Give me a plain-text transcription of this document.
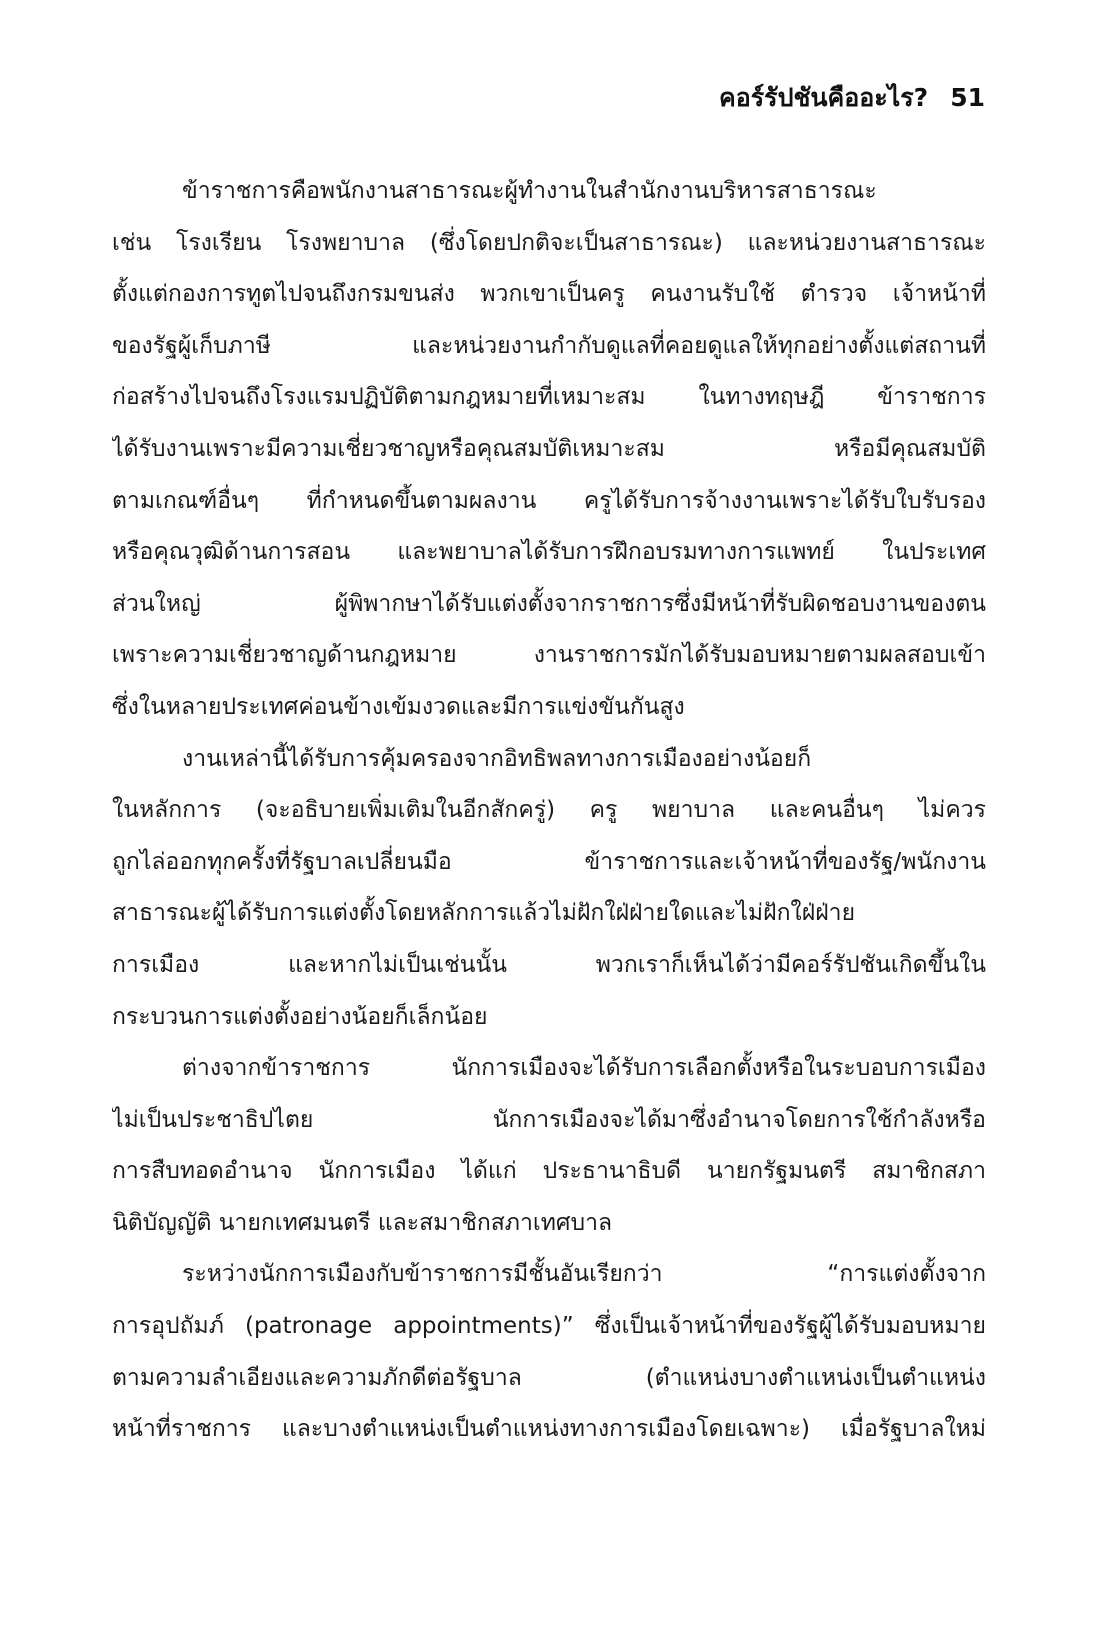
คอร์รัปชันคืออะไร? 51
ข้าราชการคือพนักงานสาธารณะผู้ทำงานในสำนักงานบริหารสาธารณะ
เช่น โรงเรียน โรงพยาบาล (ซึ่งโดยปกติจะเป็นสาธารณะ) และหน่วยงานสาธารณะ
ตั้งแต่กองการทูตไปจนถึงกรมขนส่ง พวกเขาเป็นครู คนงานรับใช้ ตำรวจ เจ้าหน้าที่
ของรัฐผู้เก็บภาษี และหน่วยงานกำกับดูแลที่คอยดูแลให้ทุกอย่างตั้งแต่สถานที่
ก่อสร้างไปจนถึงโรงแรมปฏิบัติตามกฎหมายที่เหมาะสม ในทางทฤษฎี ข้าราชการ
ได้รับงานเพราะมีความเชี่ยวชาญหรือคุณสมบัติเหมาะสม หรือมีคุณสมบัติ
ตามเกณฑ์อื่นๆ ที่กำหนดขึ้นตามผลงาน ครูได้รับการจ้างงานเพราะได้รับใบรับรอง
หรือคุณวุฒิด้านการสอน และพยาบาลได้รับการฝึกอบรมทางการแพทย์ ในประเทศ
ส่วนใหญ่ ผู้พิพากษาได้รับแต่งตั้งจากราชการซึ่งมีหน้าที่รับผิดชอบงานของตน
เพราะความเชี่ยวชาญด้านกฎหมาย งานราชการมักได้รับมอบหมายตามผลสอบเข้า
ซึ่งในหลายประเทศค่อนข้างเข้มงวดและมีการแข่งขันกันสูง
งานเหล่านี้ได้รับการคุ้มครองจากอิทธิพลทางการเมืองอย่างน้อยก็
ในหลักการ (จะอธิบายเพิ่มเติมในอีกสักครู่) ครู พยาบาล และคนอื่นๆ ไม่ควร
ถูกไล่ออกทุกครั้งที่รัฐบาลเปลี่ยนมือ ข้าราชการและเจ้าหน้าที่ของรัฐ/พนักงาน
สาธารณะผู้ได้รับการแต่งตั้งโดยหลักการแล้วไม่ฝักใฝ่ฝ่ายใดและไม่ฝักใฝ่ฝ่าย
การเมือง และหากไม่เป็นเช่นนั้น พวกเราก็เห็นได้ว่ามีคอร์รัปชันเกิดขึ้นใน
กระบวนการแต่งตั้งอย่างน้อยก็เล็กน้อย
ต่างจากข้าราชการ นักการเมืองจะได้รับการเลือกตั้งหรือในระบอบการเมือง
ไม่เป็นประชาธิปไตย นักการเมืองจะได้มาซึ่งอำนาจโดยการใช้กำลังหรือ
การสืบทอดอำนาจ นักการเมือง ได้แก่ ประธานาธิบดี นายกรัฐมนตรี สมาชิกสภา
นิติบัญญัติ นายกเทศมนตรี และสมาชิกสภาเทศบาล
ระหว่างนักการเมืองกับข้าราชการมีชั้นอันเรียกว่า “การแต่งตั้งจาก
การอุปถัมภ์ (patronage appointments)” ซึ่งเป็นเจ้าหน้าที่ของรัฐผู้ได้รับมอบหมาย
ตามความลำเอียงและความภักดีต่อรัฐบาล (ตำแหน่งบางตำแหน่งเป็นตำแหน่ง
หน้าที่ราชการ และบางตำแหน่งเป็นตำแหน่งทางการเมืองโดยเฉพาะ) เมื่อรัฐบาลใหม่
